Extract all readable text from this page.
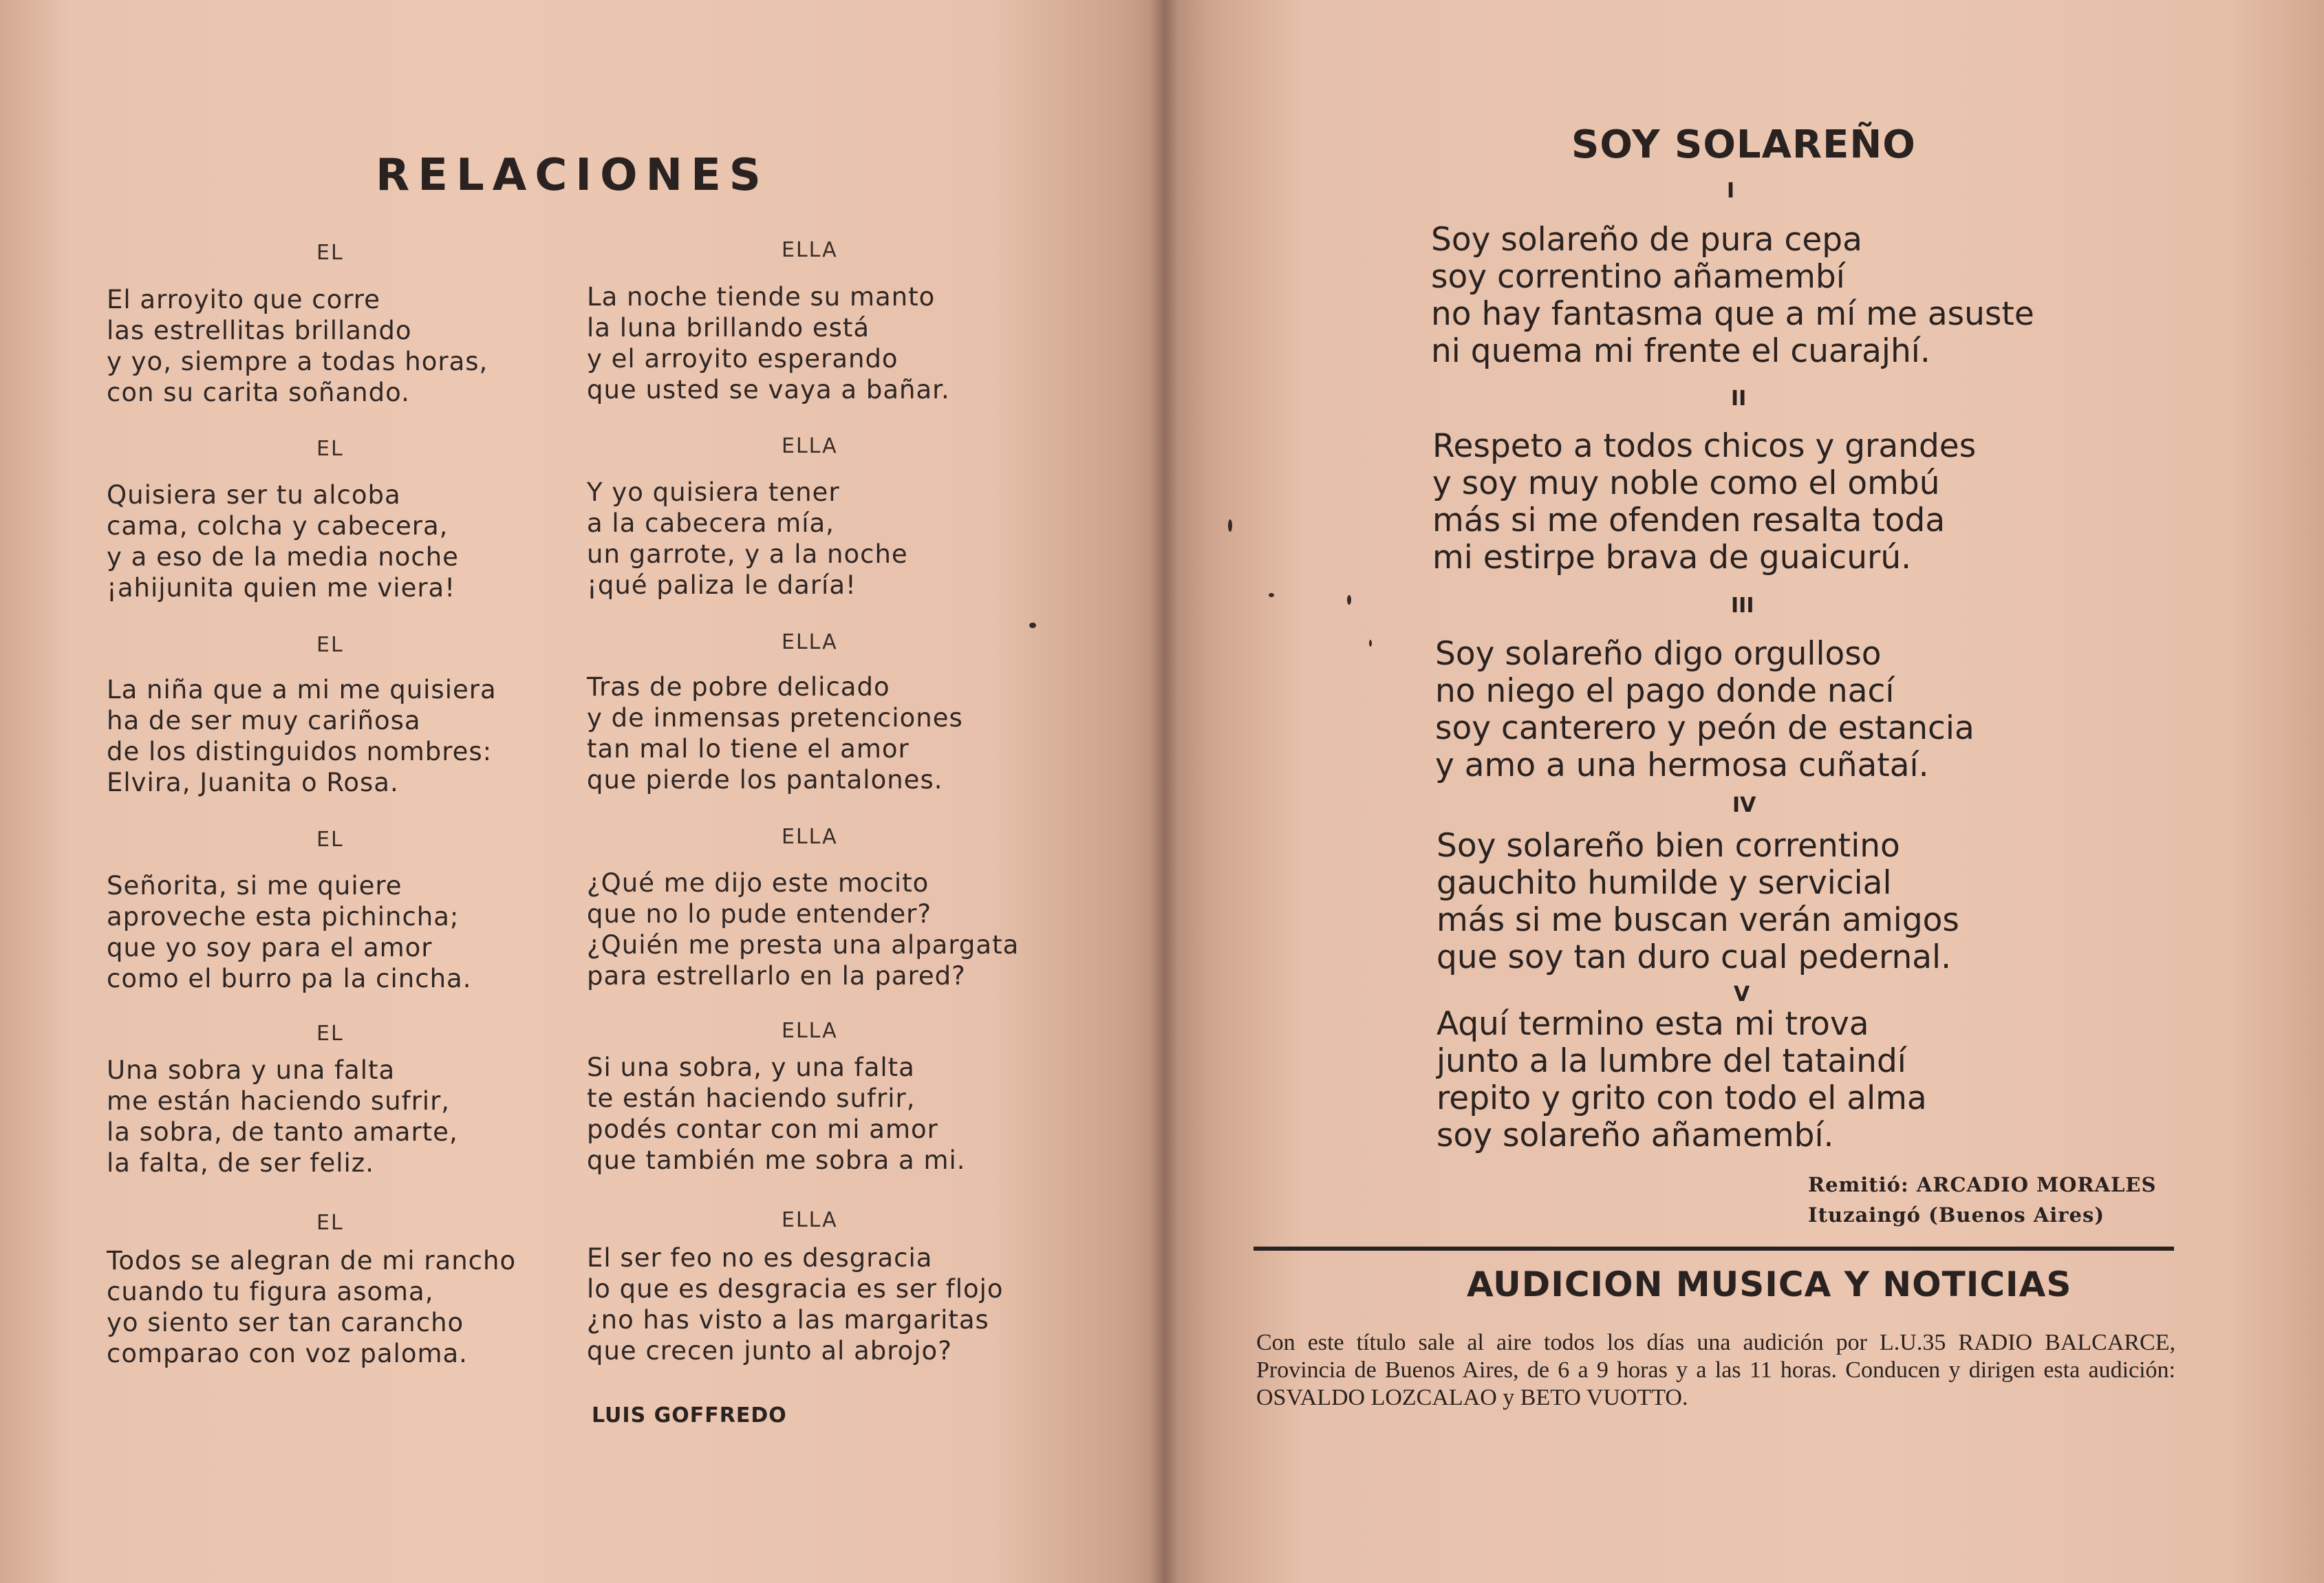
RELACIONES
EL
El arroyito que corre
las estrellitas brillando
y yo, siempre a todas horas,
con su carita soñando.
EL
Quisiera ser tu alcoba
cama, colcha y cabecera,
y a eso de la media noche
¡ahijunita quien me viera!
EL
La niña que a mi me quisiera
ha de ser muy cariñosa
de los distinguidos nombres:
Elvira, Juanita o Rosa.
EL
Señorita, si me quiere
aproveche esta pichincha;
que yo soy para el amor
como el burro pa la cincha.
EL
Una sobra y una falta
me están haciendo sufrir,
la sobra, de tanto amarte,
la falta, de ser feliz.
EL
Todos se alegran de mi rancho
cuando tu figura asoma,
yo siento ser tan carancho
comparao con voz paloma.
ELLA
La noche tiende su manto
la luna brillando está
y el arroyito esperando
que usted se vaya a bañar.
ELLA
Y yo quisiera tener
a la cabecera mía,
un garrote, y a la noche
¡qué paliza le daría!
ELLA
Tras de pobre delicado
y de inmensas pretenciones
tan mal lo tiene el amor
que pierde los pantalones.
ELLA
¿Qué me dijo este mocito
que no lo pude entender?
¿Quién me presta una alpargata
para estrellarlo en la pared?
ELLA
Si una sobra, y una falta
te están haciendo sufrir,
podés contar con mi amor
que también me sobra a mi.
ELLA
El ser feo no es desgracia
lo que es desgracia es ser flojo
¿no has visto a las margaritas
que crecen junto al abrojo?
LUIS GOFFREDO
SOY SOLAREÑO
I
Soy solareño de pura cepa
soy correntino añamembí
no hay fantasma que a mí me asuste
ni quema mi frente el cuarajhí.
II
Respeto a todos chicos y grandes
y soy muy noble como el ombú
más si me ofenden resalta toda
mi estirpe brava de guaicurú.
III
Soy solareño digo orgulloso
no niego el pago donde nací
soy canterero y peón de estancia
y amo a una hermosa cuñataí.
IV
Soy solareño bien correntino
gauchito humilde y servicial
más si me buscan verán amigos
que soy tan duro cual pedernal.
V
Aquí termino esta mi trova
junto a la lumbre del tataindí
repito y grito con todo el alma
soy solareño añamembí.
Remitió: ARCADIO MORALES
Ituzaingó (Buenos Aires)
AUDICION MUSICA Y NOTICIAS
Con este título sale al aire todos los días una audición por L.U.35 RADIO BALCARCE, Provincia de Buenos Aires, de 6 a 9 horas y a las 11 horas. Conducen y dirigen esta audición: OSVALDO LOZCALAO y BETO VUOTTO.
